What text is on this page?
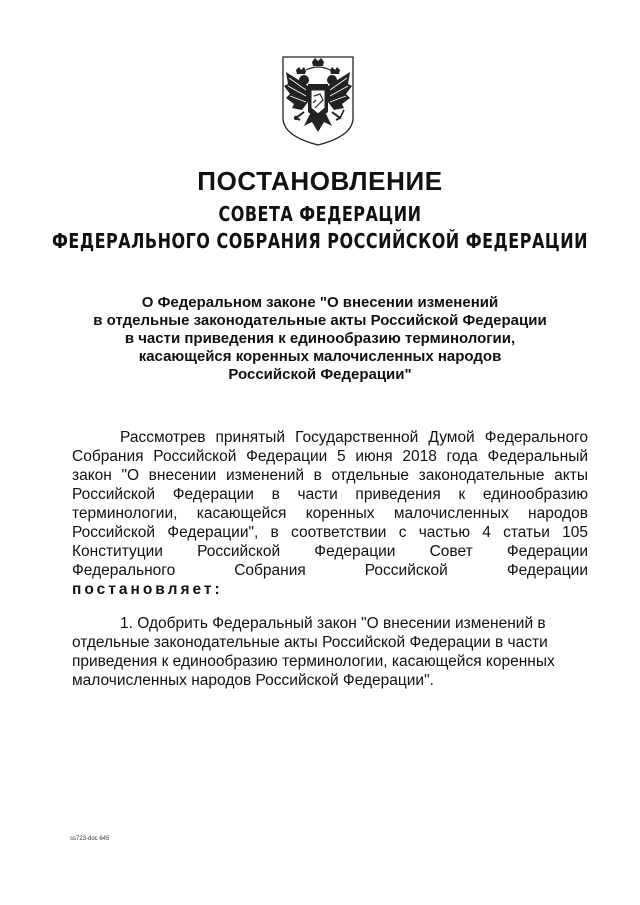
ПОСТАНОВЛЕНИЕ
СОВЕТА ФЕДЕРАЦИИ
ФЕДЕРАЛЬНОГО СОБРАНИЯ РОССИЙСКОЙ ФЕДЕРАЦИИ
О Федеральном законе "О внесении изменений
в отдельные законодательные акты Российской Федерации
в части приведения к единообразию терминологии,
касающейся коренных малочисленных народов
Российской Федерации"
Рассмотрев принятый Государственной Думой Федерального
Собрания Российской Федерации 5 июня 2018 года Федеральный
закон "О внесении изменений в отдельные законодательные акты
Российской Федерации в части приведения к единообразию
терминологии, касающейся коренных малочисленных народов
Российской Федерации", в соответствии с частью 4 статьи 105
Конституции Российской Федерации Совет Федерации
Федерального Собрания Российской Федерации
постановляет:
1. Одобрить Федеральный закон "О внесении изменений в
отдельные законодательные акты Российской Федерации в части
приведения к единообразию терминологии, касающейся коренных
малочисленных народов Российской Федерации".
ss723-doc 645
